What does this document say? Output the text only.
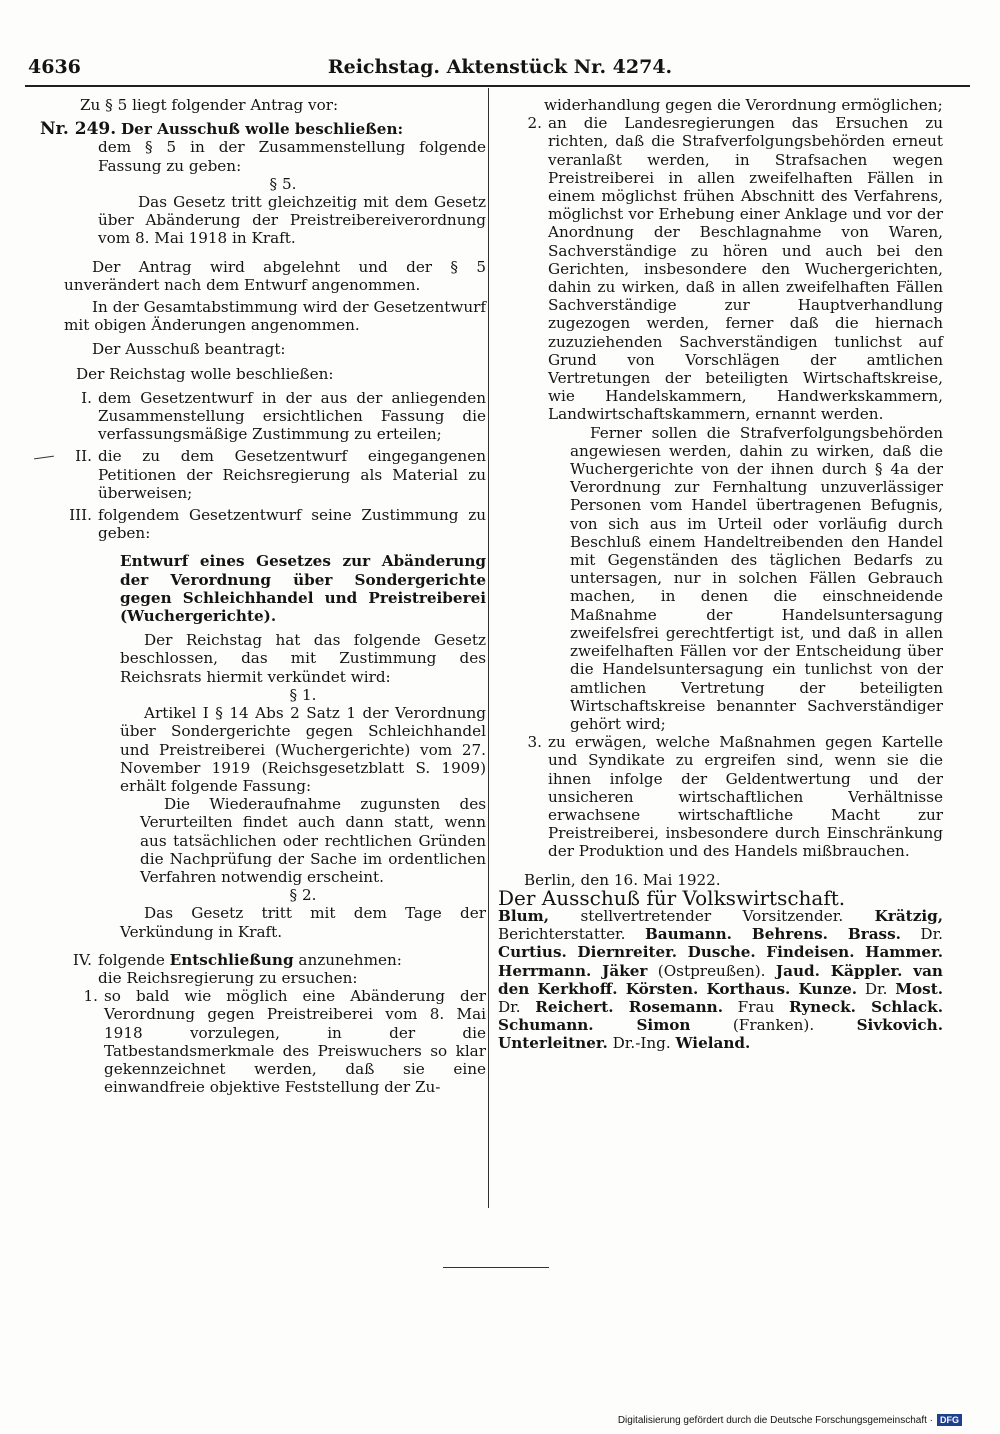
4636	Reichstag. Aktenstück Nr. 4274.

Zu § 5 liegt folgender Antrag vor:

Nr. 249. Der Ausschuß wolle beschließen:

dem § 5 in der Zusammenstellung folgende Fassung zu geben:

§ 5.

Das Gesetz tritt gleichzeitig mit dem Gesetz über Abänderung der Preistreibereiverordnung vom 8. Mai 1918 in Kraft.

Der Antrag wird abgelehnt und der § 5 unverändert nach dem Entwurf angenommen.

In der Gesamtabstimmung wird der Gesetzentwurf mit obigen Änderungen angenommen.

Der Ausschuß beantragt:

Der Reichstag wolle beschließen:

I. dem Gesetzentwurf in der aus der anliegenden Zusammenstellung ersichtlichen Fassung die verfassungsmäßige Zustimmung zu erteilen;
II. die zu dem Gesetzentwurf eingegangenen Petitionen der Reichsregierung als Material zu überweisen;
III. folgendem Gesetzentwurf seine Zustimmung zu geben:

Entwurf eines Gesetzes zur Abänderung der Verordnung über Sondergerichte gegen Schleichhandel und Preistreiberei (Wuchergerichte).

Der Reichstag hat das folgende Gesetz beschlossen, das mit Zustimmung des Reichsrats hiermit verkündet wird:

§ 1.

Artikel I § 14 Abs 2 Satz 1 der Verordnung über Sondergerichte gegen Schleichhandel und Preistreiberei (Wuchergerichte) vom 27. November 1919 (Reichsgesetzblatt S. 1909) erhält folgende Fassung:

Die Wiederaufnahme zugunsten des Verurteilten findet auch dann statt, wenn aus tatsächlichen oder rechtlichen Gründen die Nachprüfung der Sache im ordentlichen Verfahren notwendig erscheint.

§ 2.

Das Gesetz tritt mit dem Tage der Verkündung in Kraft.

IV. folgende Entschließung anzunehmen:

die Reichsregierung zu ersuchen:

1. so bald wie möglich eine Abänderung der Verordnung gegen Preistreiberei vom 8. Mai 1918 vorzulegen, in der die Tatbestandsmerkmale des Preiswuchers so klar gekennzeichnet werden, daß sie eine einwandfreie objektive Feststellung der Zu-

widerhandlung gegen die Verordnung ermöglichen;

2. an die Landesregierungen das Ersuchen zu richten, daß die Strafverfolgungsbehörden erneut veranlaßt werden, in Strafsachen wegen Preistreiberei in allen zweifelhaften Fällen in einem möglichst frühen Abschnitt des Verfahrens, möglichst vor Erhebung einer Anklage und vor der Anordnung der Beschlagnahme von Waren, Sachverständige zu hören und auch bei den Gerichten, insbesondere den Wuchergerichten, dahin zu wirken, daß in allen zweifelhaften Fällen Sachverständige zur Hauptverhandlung zugezogen werden, ferner daß die hiernach zuzuziehenden Sachverständigen tunlichst auf Grund von Vorschlägen der amtlichen Vertretungen der beteiligten Wirtschaftskreise, wie Handelskammern, Handwerkskammern, Landwirtschaftskammern, ernannt werden.

Ferner sollen die Strafverfolgungsbehörden angewiesen werden, dahin zu wirken, daß die Wuchergerichte von der ihnen durch § 4a der Verordnung zur Fernhaltung unzuverlässiger Personen vom Handel übertragenen Befugnis, von sich aus im Urteil oder vorläufig durch Beschluß einem Handeltreibenden den Handel mit Gegenständen des täglichen Bedarfs zu untersagen, nur in solchen Fällen Gebrauch machen, in denen die einschneidende Maßnahme der Handelsuntersagung zweifelsfrei gerechtfertigt ist, und daß in allen zweifelhaften Fällen vor der Entscheidung über die Handelsuntersagung ein tunlichst von der amtlichen Vertretung der beteiligten Wirtschaftskreise benannter Sachverständiger gehört wird;

3. zu erwägen, welche Maßnahmen gegen Kartelle und Syndikate zu ergreifen sind, wenn sie die ihnen infolge der Geldentwertung und der unsicheren wirtschaftlichen Verhältnisse erwachsene wirtschaftliche Macht zur Preistreiberei, insbesondere durch Einschränkung der Produktion und des Handels mißbrauchen.

Berlin, den 16. Mai 1922.

Der Ausschuß für Volkswirtschaft.

Blum, stellvertretender Vorsitzender. Krätzig, Berichterstatter. Baumann. Behrens. Brass. Dr. Curtius. Diernreiter. Dusche. Findeisen. Hammer. Herrmann. Jäker (Ostpreußen). Jaud. Käppler. van den Kerkhoff. Körsten. Korthaus. Kunze. Dr. Most. Dr. Reichert. Rosemann. Frau Ryneck. Schlack. Schumann. Simon (Franken). Sivkovich. Unterleitner. Dr.-Ing. Wieland.

Digitalisierung gefördert durch die Deutsche Forschungsgemeinschaft · DFG
